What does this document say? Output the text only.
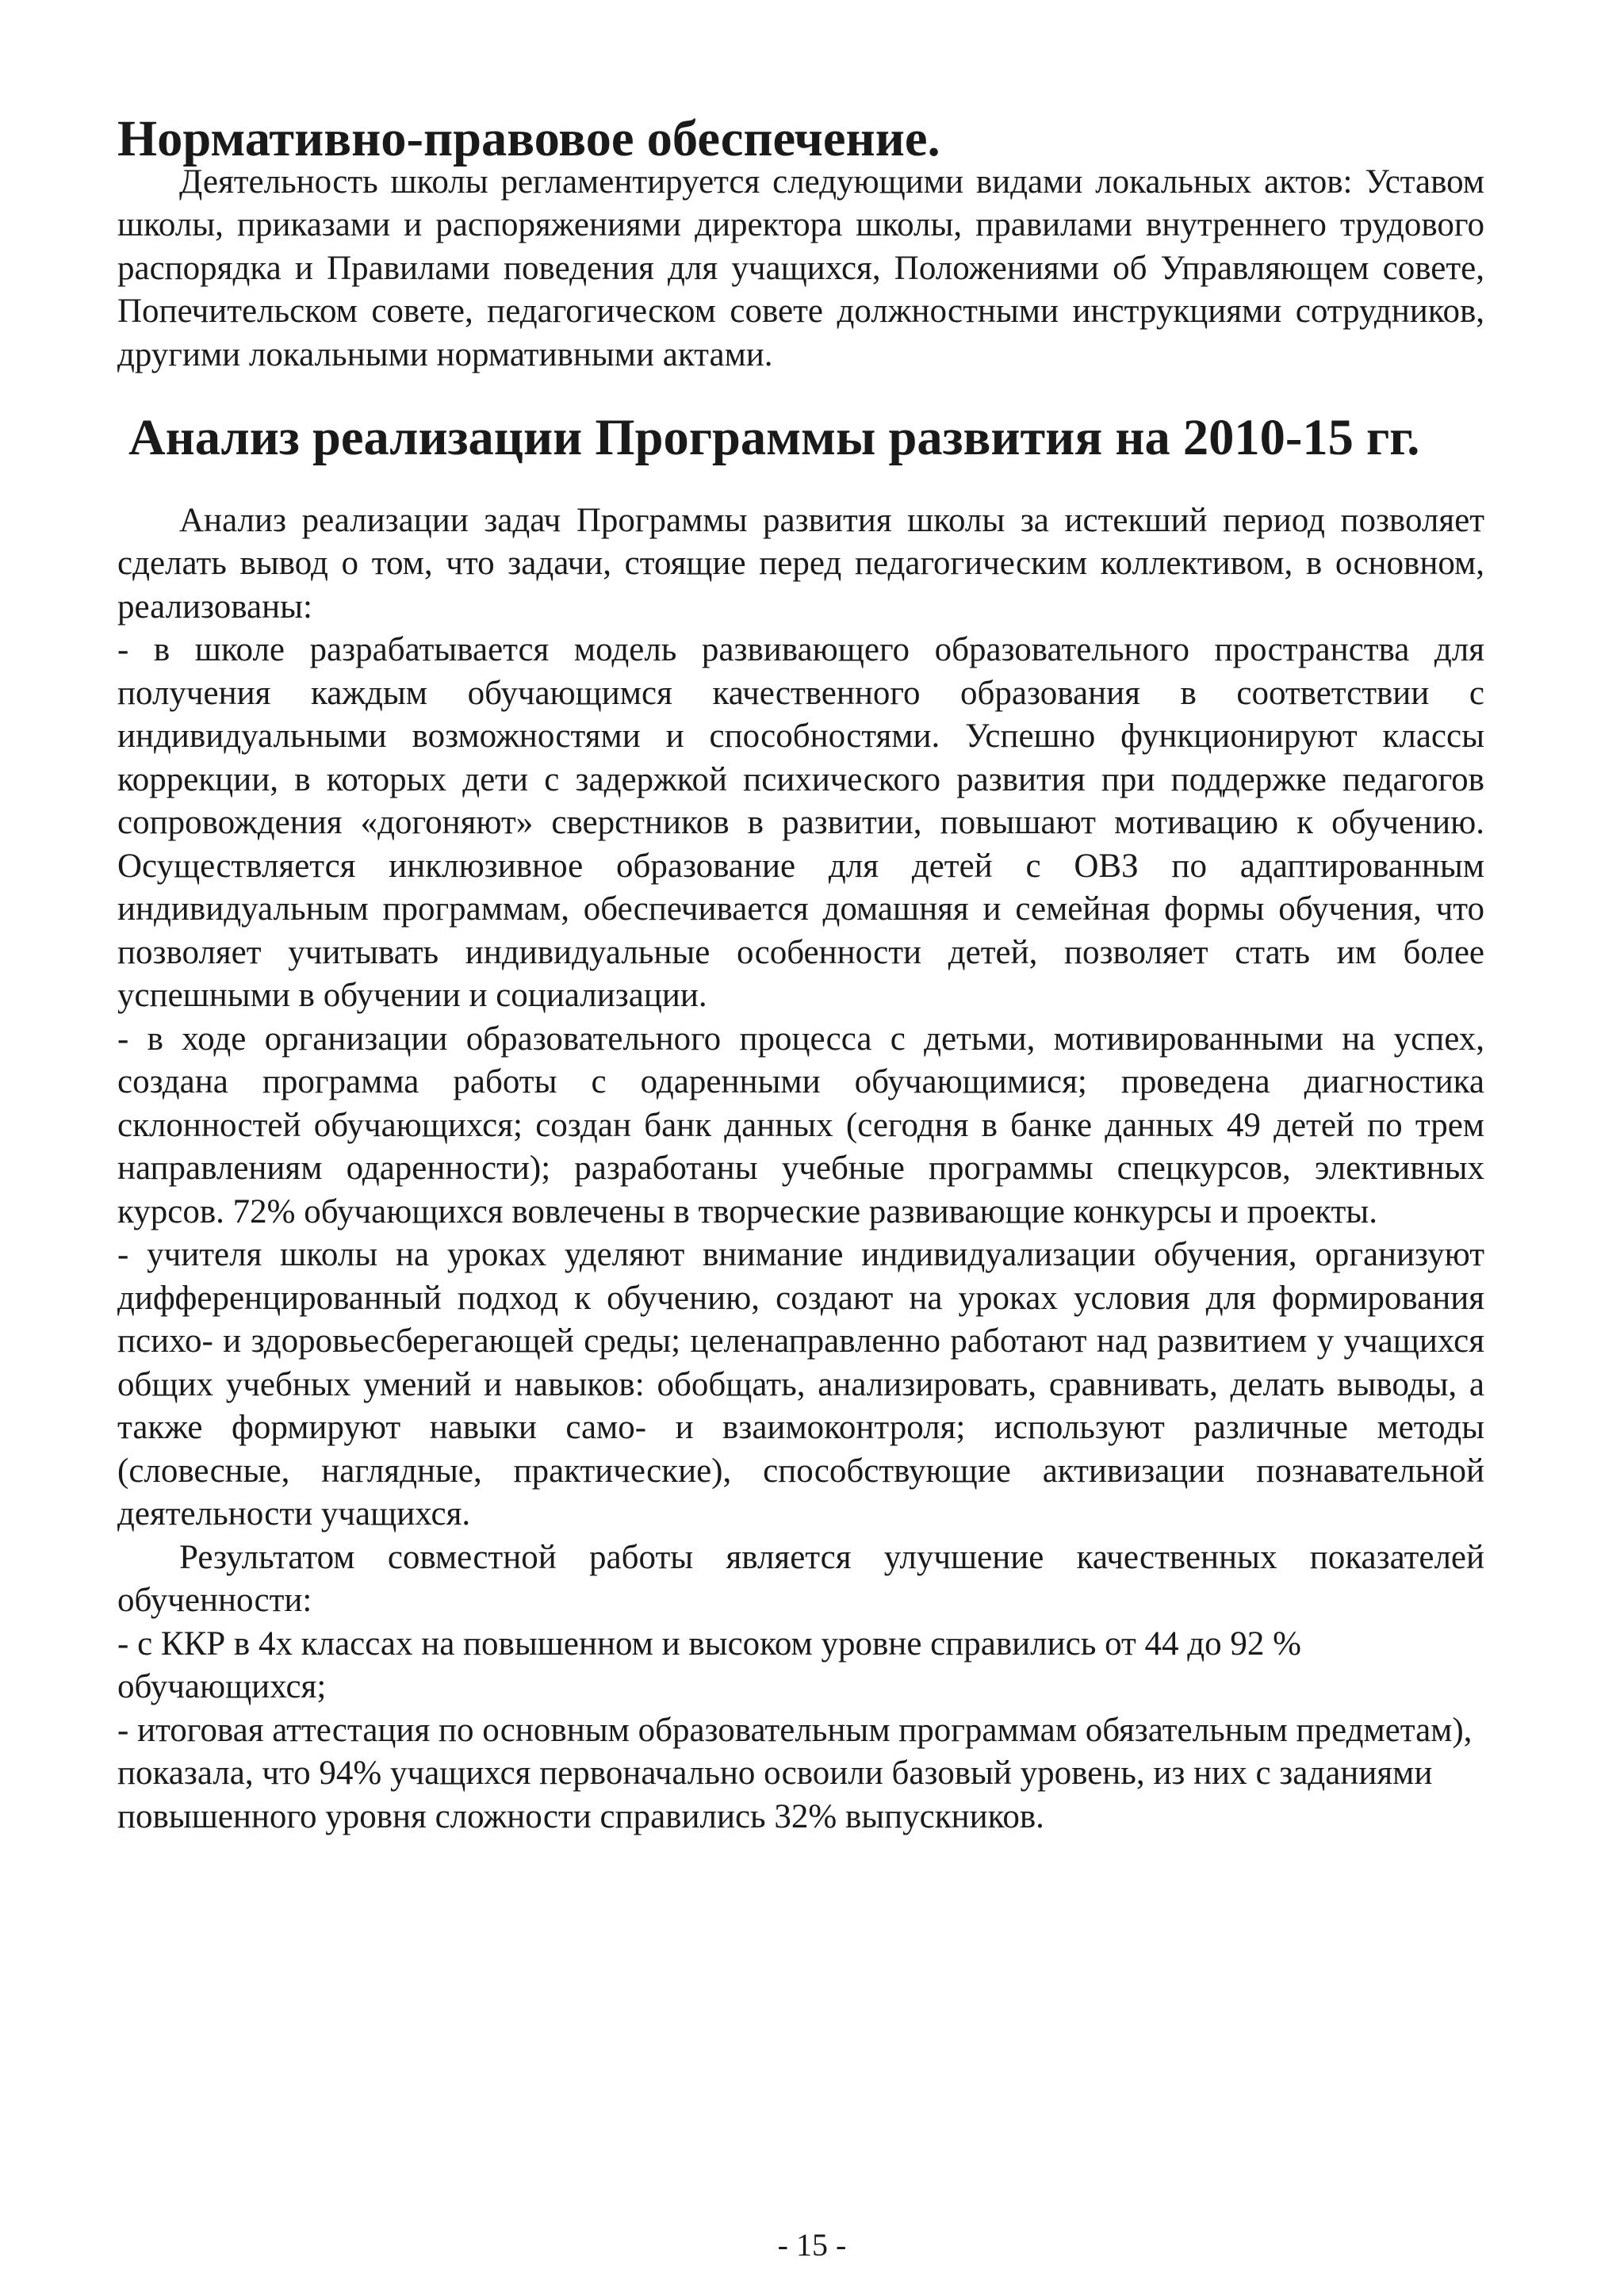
Нормативно-правовое обеспечение.

Деятельность школы регламентируется следующими видами локальных актов: Уставом школы, приказами и распоряжениями директора школы, правилами внутреннего трудового распорядка и Правилами поведения для учащихся, Положениями об Управляющем совете, Попечительском совете, педагогическом совете должностными инструкциями сотрудников, другими локальными нормативными актами.

Анализ реализации Программы развития на 2010-15 гг.

Анализ реализации задач Программы развития школы за истекший период позволяет сделать вывод о том, что задачи, стоящие перед педагогическим коллективом, в основном, реализованы:

- в школе разрабатывается модель развивающего образовательного пространства для получения каждым обучающимся качественного образования в соответствии с индивидуальными возможностями и способностями. Успешно функционируют классы коррекции, в которых дети с задержкой психического развития при поддержке педагогов сопровождения «догоняют» сверстников в развитии, повышают мотивацию к обучению. Осуществляется инклюзивное образование для детей с ОВЗ по адаптированным индивидуальным программам, обеспечивается домашняя и семейная формы обучения, что позволяет учитывать индивидуальные особенности детей, позволяет стать им более успешными в обучении и социализации.

- в ходе организации образовательного процесса с детьми, мотивированными на успех, создана программа работы с одаренными обучающимися; проведена диагностика склонностей обучающихся; создан банк данных (сегодня в банке данных 49 детей по трем направлениям одаренности); разработаны учебные программы спецкурсов, элективных курсов. 72% обучающихся вовлечены в творческие развивающие конкурсы и проекты.

- учителя школы на уроках уделяют внимание индивидуализации обучения, организуют дифференцированный подход к обучению, создают на уроках условия для формирования психо- и здоровьесберегающей среды; целенаправленно работают над развитием у учащихся общих учебных умений и навыков: обобщать, анализировать, сравнивать, делать выводы, а также формируют навыки само- и взаимоконтроля; используют различные методы (словесные, наглядные, практические), способствующие активизации познавательной деятельности учащихся.

Результатом совместной работы является улучшение качественных показателей обученности:

- с ККР в 4х классах на повышенном и высоком уровне справились от 44 до 92 % обучающихся;

- итоговая аттестация по основным образовательным программам обязательным предметам), показала, что 94% учащихся первоначально освоили базовый уровень, из них с заданиями повышенного уровня сложности справились 32% выпускников.

- 15 -
